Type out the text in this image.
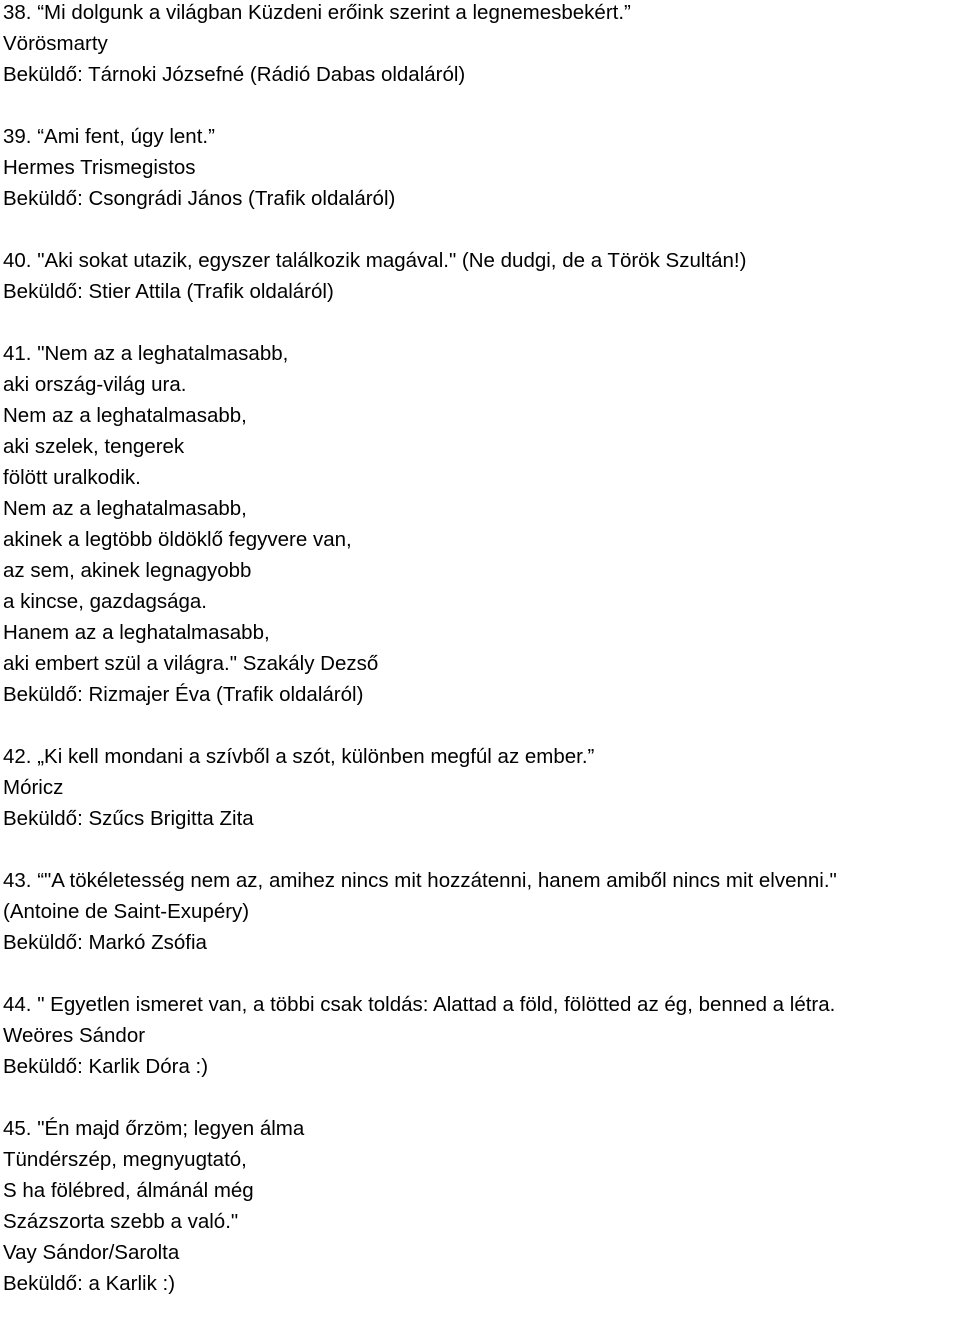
38. “Mi dolgunk a világban Küzdeni erőink szerint a legnemesbekért.”
Vörösmarty
Beküldő: Tárnoki Józsefné (Rádió Dabas oldaláról)
39. “Ami fent, úgy lent.”
Hermes Trismegistos
Beküldő: Csongrádi János (Trafik oldaláról)
40. "Aki sokat utazik, egyszer találkozik magával." (Ne dudgi, de a Török Szultán!)
Beküldő: Stier Attila (Trafik oldaláról)
41. "Nem az a leghatalmasabb,
aki ország-világ ura.
Nem az a leghatalmasabb,
aki szelek, tengerek
fölött uralkodik.
Nem az a leghatalmasabb,
akinek a legtöbb öldöklő fegyvere van,
az sem, akinek legnagyobb
a kincse, gazdagsága.
Hanem az a leghatalmasabb,
aki embert szül a világra." Szakály Dezső
Beküldő: Rizmajer Éva (Trafik oldaláról)
42. „Ki kell mondani a szívből a szót, különben megfúl az ember.”
Móricz
Beküldő: Szűcs Brigitta Zita
43. “"A tökéletesség nem az, amihez nincs mit hozzátenni, hanem amiből nincs mit elvenni."
(Antoine de Saint-Exupéry)
Beküldő: Markó Zsófia
44. " Egyetlen ismeret van, a többi csak toldás: Alattad a föld, fölötted az ég, benned a létra.
Weöres Sándor
Beküldő: Karlik Dóra :)
45. "Én majd őrzöm; legyen álma
Tündérszép, megnyugtató,
S ha fölébred, álmánál még
Százszorta szebb a való."
Vay Sándor/Sarolta
Beküldő: a Karlik :)
